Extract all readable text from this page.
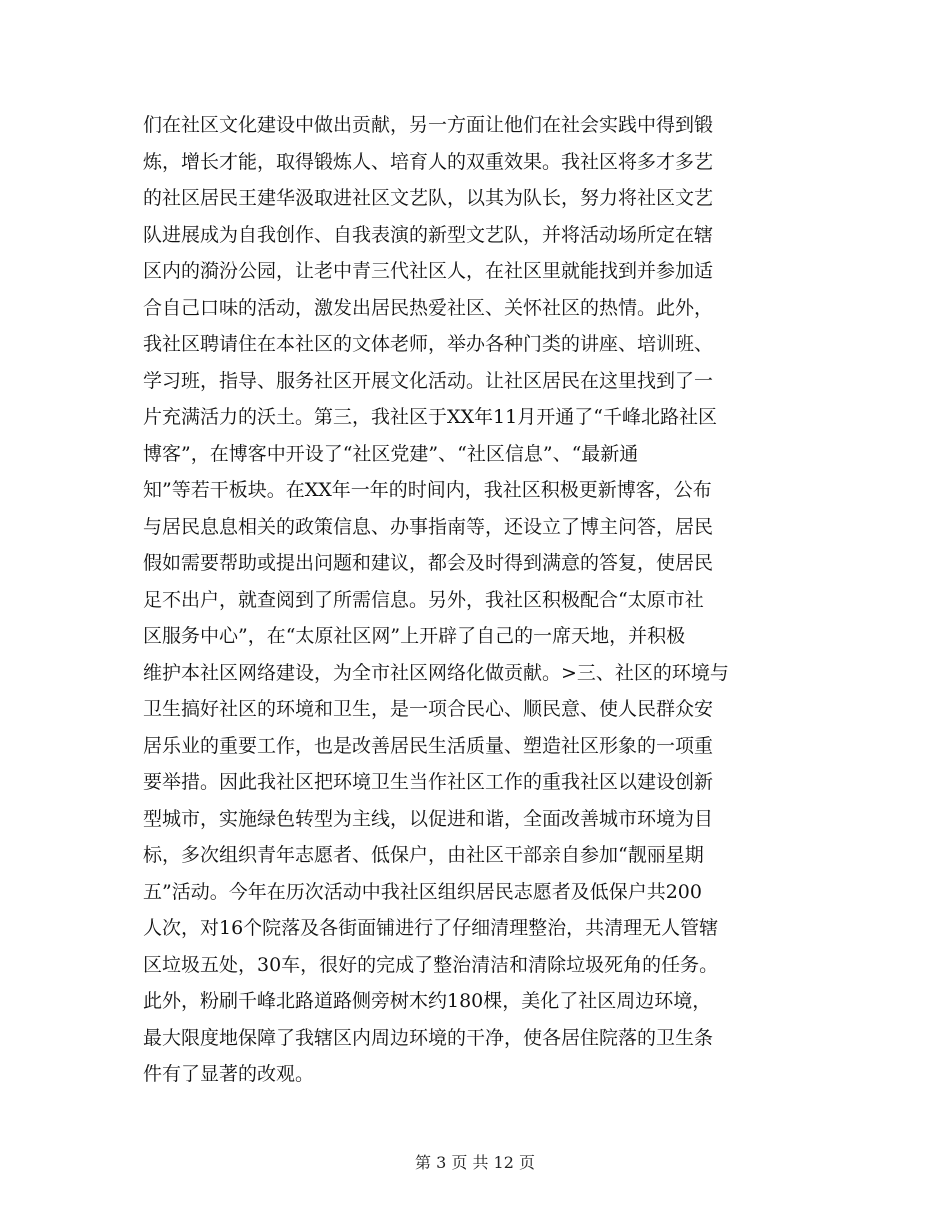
们在社区文化建设中做出贡献，另一方面让他们在社会实践中得到锻
炼，增长才能，取得锻炼人、培育人的双重效果。我社区将多才多艺
的社区居民王建华汲取进社区文艺队，以其为队长，努力将社区文艺
队进展成为自我创作、自我表演的新型文艺队，并将活动场所定在辖
区内的漪汾公园，让老中青三代社区人，在社区里就能找到并参加适
合自己口味的活动，激发出居民热爱社区、关怀社区的热情。此外，
我社区聘请住在本社区的文体老师，举办各种门类的讲座、培训班、
学习班，指导、服务社区开展文化活动。让社区居民在这里找到了一
片充满活力的沃土。第三，我社区于XX年11月开通了“千峰北路社区
博客”，在博客中开设了“社区党建”、“社区信息”、“最新通
知”等若干板块。在XX年一年的时间内，我社区积极更新博客，公布
与居民息息相关的政策信息、办事指南等，还设立了博主问答，居民
假如需要帮助或提出问题和建议，都会及时得到满意的答复，使居民
足不出户，就查阅到了所需信息。另外，我社区积极配合“太原市社
区服务中心”，在“太原社区网”上开辟了自己的一席天地，并积极
维护本社区网络建设，为全市社区网络化做贡献。>三、社区的环境与
卫生搞好社区的环境和卫生，是一项合民心、顺民意、使人民群众安
居乐业的重要工作，也是改善居民生活质量、塑造社区形象的一项重
要举措。因此我社区把环境卫生当作社区工作的重我社区以建设创新
型城市，实施绿色转型为主线，以促进和谐，全面改善城市环境为目
标，多次组织青年志愿者、低保户，由社区干部亲自参加“靓丽星期
五”活动。今年在历次活动中我社区组织居民志愿者及低保户共200
人次，对16个院落及各街面铺进行了仔细清理整治，共清理无人管辖
区垃圾五处，30车，很好的完成了整治清洁和清除垃圾死角的任务。
此外，粉刷千峰北路道路侧旁树木约180棵，美化了社区周边环境，
最大限度地保障了我辖区内周边环境的干净，使各居住院落的卫生条
件有了显著的改观。
第 3 页 共 12 页
